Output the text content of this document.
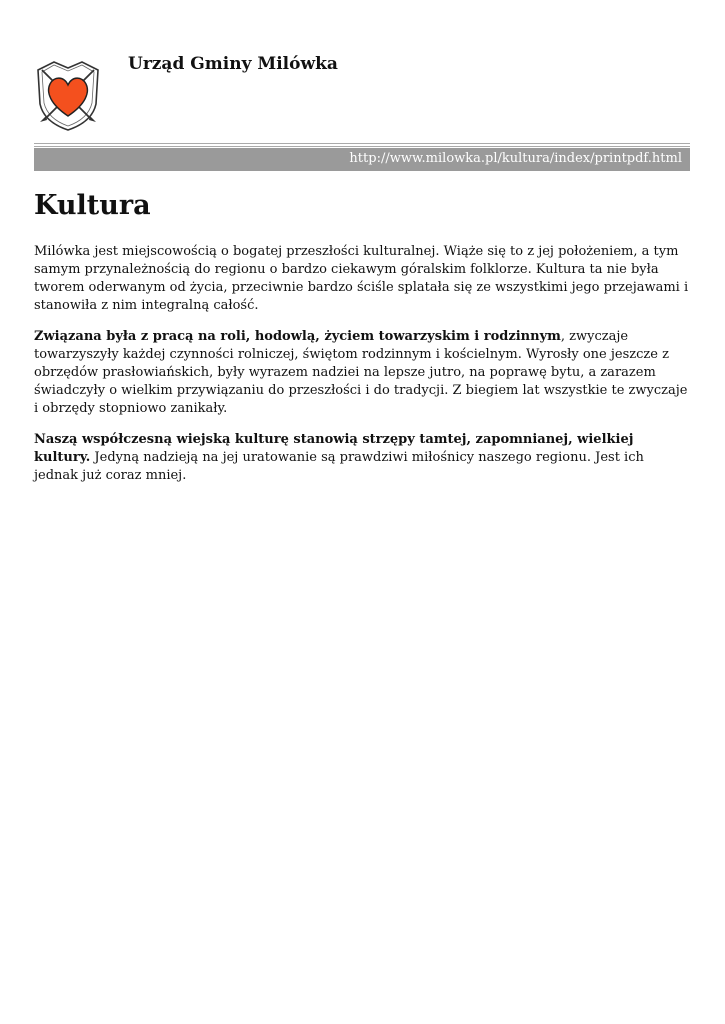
Urząd Gminy Milówka
http://www.milowka.pl/kultura/index/printpdf.html
Kultura

Milówka jest miejscowością o bogatej przeszłości kulturalnej. Wiąże się to z jej położeniem, a tym samym przynależnością do regionu o bardzo ciekawym góralskim folklorze. Kultura ta nie była tworem oderwanym od życia, przeciwnie bardzo ściśle splatała się ze wszystkimi jego przejawami i stanowiła z nim integralną całość.

Związana była z pracą na roli, hodowlą, życiem towarzyskim i rodzinnym, zwyczaje towarzyszyły każdej czynności rolniczej, świętom rodzinnym i kościelnym. Wyrosły one jeszcze z obrzędów prasłowiańskich, były wyrazem nadziei na lepsze jutro, na poprawę bytu, a zarazem świadczyły o wielkim przywiązaniu do przeszłości i do tradycji. Z biegiem lat wszystkie te zwyczaje i obrzędy stopniowo zanikały.

Naszą współczesną wiejską kulturę stanowią strzępy tamtej, zapomnianej, wielkiej kultury. Jedyną nadzieją na jej uratowanie są prawdziwi miłośnicy naszego regionu. Jest ich jednak już coraz mniej.
